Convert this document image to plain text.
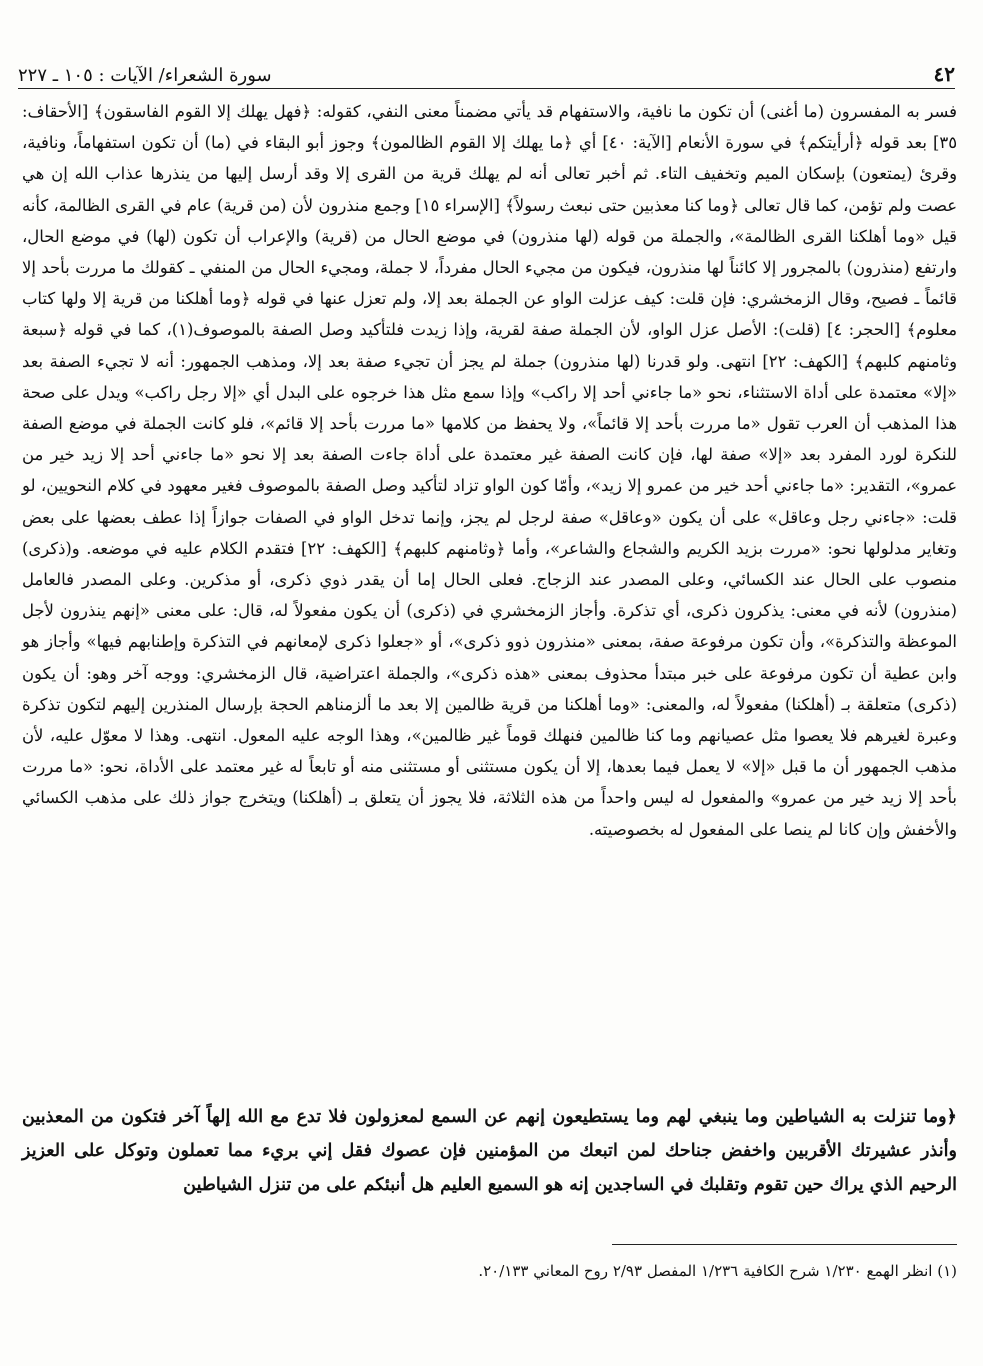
٤٢
سورة الشعراء/ الآيات : ١٠٥ ـ ٢٢٧

فسر به المفسرون (ما أغنى) أن تكون ما نافية، والاستفهام قد يأتي مضمناً معنى النفي، كقوله: ﴿فهل يهلك إلا القوم الفاسقون﴾ [الأحقاف: ٣٥] بعد قوله ﴿أرأيتكم﴾ في سورة الأنعام [الآية: ٤٠] أي ﴿ما يهلك إلا القوم الظالمون﴾ وجوز أبو البقاء في (ما) أن تكون استفهاماً، ونافية، وقرئ (يمتعون) بإسكان الميم وتخفيف التاء. ثم أخبر تعالى أنه لم يهلك قرية من القرى إلا وقد أرسل إليها من ينذرها عذاب الله إن هي عصت ولم تؤمن، كما قال تعالى ﴿وما كنا معذبين حتى نبعث رسولاً﴾ [الإسراء ١٥] وجمع منذرون لأن (من قرية) عام في القرى الظالمة، كأنه قيل «وما أهلكنا القرى الظالمة»، والجملة من قوله (لها منذرون) في موضع الحال من (قرية) والإعراب أن تكون (لها) في موضع الحال، وارتفع (منذرون) بالمجرور إلا كائناً لها منذرون، فيكون من مجيء الحال مفرداً، لا جملة، ومجيء الحال من المنفي ـ كقولك ما مررت بأحد إلا قائماً ـ فصيح، وقال الزمخشري: فإن قلت: كيف عزلت الواو عن الجملة بعد إلا، ولم تعزل عنها في قوله ﴿وما أهلكنا من قرية إلا ولها كتاب معلوم﴾ [الحجر: ٤] (قلت): الأصل عزل الواو، لأن الجملة صفة لقرية، وإذا زيدت فلتأكيد وصل الصفة بالموصوف(١)، كما في قوله ﴿سبعة وثامنهم كلبهم﴾ [الكهف: ٢٢] انتهى. ولو قدرنا (لها منذرون) جملة لم يجز أن تجيء صفة بعد إلا، ومذهب الجمهور: أنه لا تجيء الصفة بعد «إلا» معتمدة على أداة الاستثناء، نحو «ما جاءني أحد إلا راكب» وإذا سمع مثل هذا خرجوه على البدل أي «إلا رجل راكب» ويدل على صحة هذا المذهب أن العرب تقول «ما مررت بأحد إلا قائماً»، ولا يحفظ من كلامها «ما مررت بأحد إلا قائم»، فلو كانت الجملة في موضع الصفة للنكرة لورد المفرد بعد «إلا» صفة لها، فإن كانت الصفة غير معتمدة على أداة جاءت الصفة بعد إلا نحو «ما جاءني أحد إلا زيد خير من عمرو»، التقدير: «ما جاءني أحد خير من عمرو إلا زيد»، وأمّا كون الواو تزاد لتأكيد وصل الصفة بالموصوف فغير معهود في كلام النحويين، لو قلت: «جاءني رجل وعاقل» على أن يكون «وعاقل» صفة لرجل لم يجز، وإنما تدخل الواو في الصفات جوازاً إذا عطف بعضها على بعض وتغاير مدلولها نحو: «مررت بزيد الكريم والشجاع والشاعر»، وأما ﴿وثامنهم كلبهم﴾ [الكهف: ٢٢] فتقدم الكلام عليه في موضعه. و(ذكرى) منصوب على الحال عند الكسائي، وعلى المصدر عند الزجاج. فعلى الحال إما أن يقدر ذوي ذكرى، أو مذكرين. وعلى المصدر فالعامل (منذرون) لأنه في معنى: يذكرون ذكرى، أي تذكرة. وأجاز الزمخشري في (ذكرى) أن يكون مفعولاً له، قال: على معنى «إنهم ينذرون لأجل الموعظة والتذكرة»، وأن تكون مرفوعة صفة، بمعنى «منذرون ذوو ذكرى»، أو «جعلوا ذكرى لإمعانهم في التذكرة وإطنابهم فيها» وأجاز هو وابن عطية أن تكون مرفوعة على خبر مبتدأ محذوف بمعنى «هذه ذكرى»، والجملة اعتراضية، قال الزمخشري: ووجه آخر وهو: أن يكون (ذكرى) متعلقة بـ (أهلكنا) مفعولاً له، والمعنى: «وما أهلكنا من قرية ظالمين إلا بعد ما ألزمناهم الحجة بإرسال المنذرين إليهم لتكون تذكرة وعبرة لغيرهم فلا يعصوا مثل عصيانهم وما كنا ظالمين فنهلك قوماً غير ظالمين»، وهذا الوجه عليه المعول. انتهى. وهذا لا معوّل عليه، لأن مذهب الجمهور أن ما قبل «إلا» لا يعمل فيما بعدها، إلا أن يكون مستثنى أو مستثنى منه أو تابعاً له غير معتمد على الأداة، نحو: «ما مررت بأحد إلا زيد خير من عمرو» والمفعول له ليس واحداً من هذه الثلاثة، فلا يجوز أن يتعلق بـ (أهلكنا) ويتخرج جواز ذلك على مذهب الكسائي والأخفش وإن كانا لم ينصا على المفعول له بخصوصيته.

﴿وما تنزلت به الشياطين وما ينبغي لهم وما يستطيعون إنهم عن السمع لمعزولون فلا تدع مع الله إلهاً آخر فتكون من المعذبين وأنذر عشيرتك الأقربين واخفض جناحك لمن اتبعك من المؤمنين فإن عصوك فقل إني بريء مما تعملون وتوكل على العزيز الرحيم الذي يراك حين تقوم وتقلبك في الساجدين إنه هو السميع العليم هل أنبئكم على من تنزل الشياطين

(١) انظر الهمع ١/٢٣٠ شرح الكافية ١/٢٣٦ المفصل ٢/٩٣ روح المعاني ٢٠/١٣٣.
